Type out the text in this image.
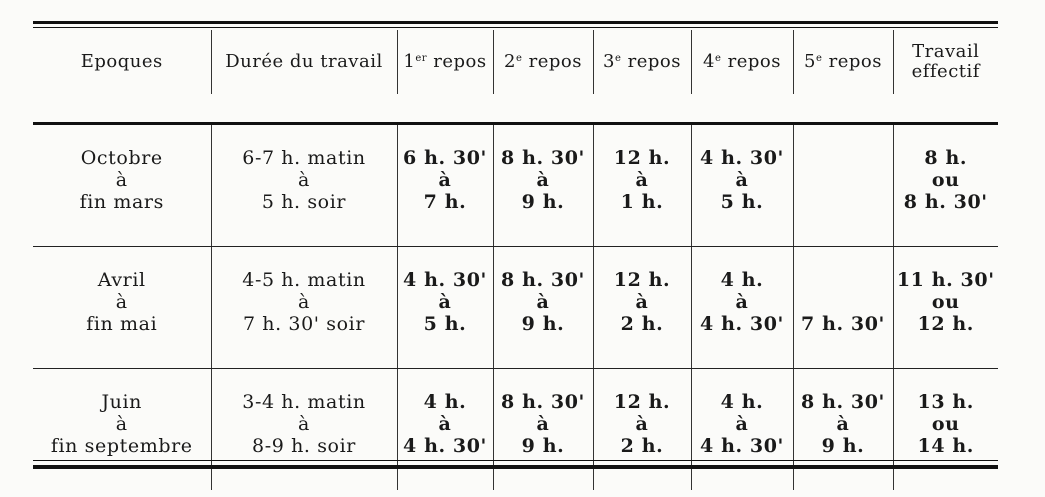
Epoques	Durée du travail	1er repos	2e repos	3e repos	4e repos	5e repos	Travail
effectif

Octobre
à
fin mars	6-7 h. matin
à
5 h. soir	6 h. 30'
à
7 h.	8 h. 30'
à
9 h.	12 h.
à
1 h.	4 h. 30'
à
5 h.		8 h.
ou
8 h. 30'

Avril
à
fin mai	4-5 h. matin
à
7 h. 30' soir	4 h. 30'
à
5 h.	8 h. 30'
à
9 h.	12 h.
à
2 h.	4 h.
à
4 h. 30'	7 h. 30'	11 h. 30'
ou
12 h.

Juin
à
fin septembre	3-4 h. matin
à
8-9 h. soir	4 h.
à
4 h. 30'	8 h. 30'
à
9 h.	12 h.
à
2 h.	4 h.
à
4 h. 30'	8 h. 30'
à
9 h.	13 h.
ou
14 h.
